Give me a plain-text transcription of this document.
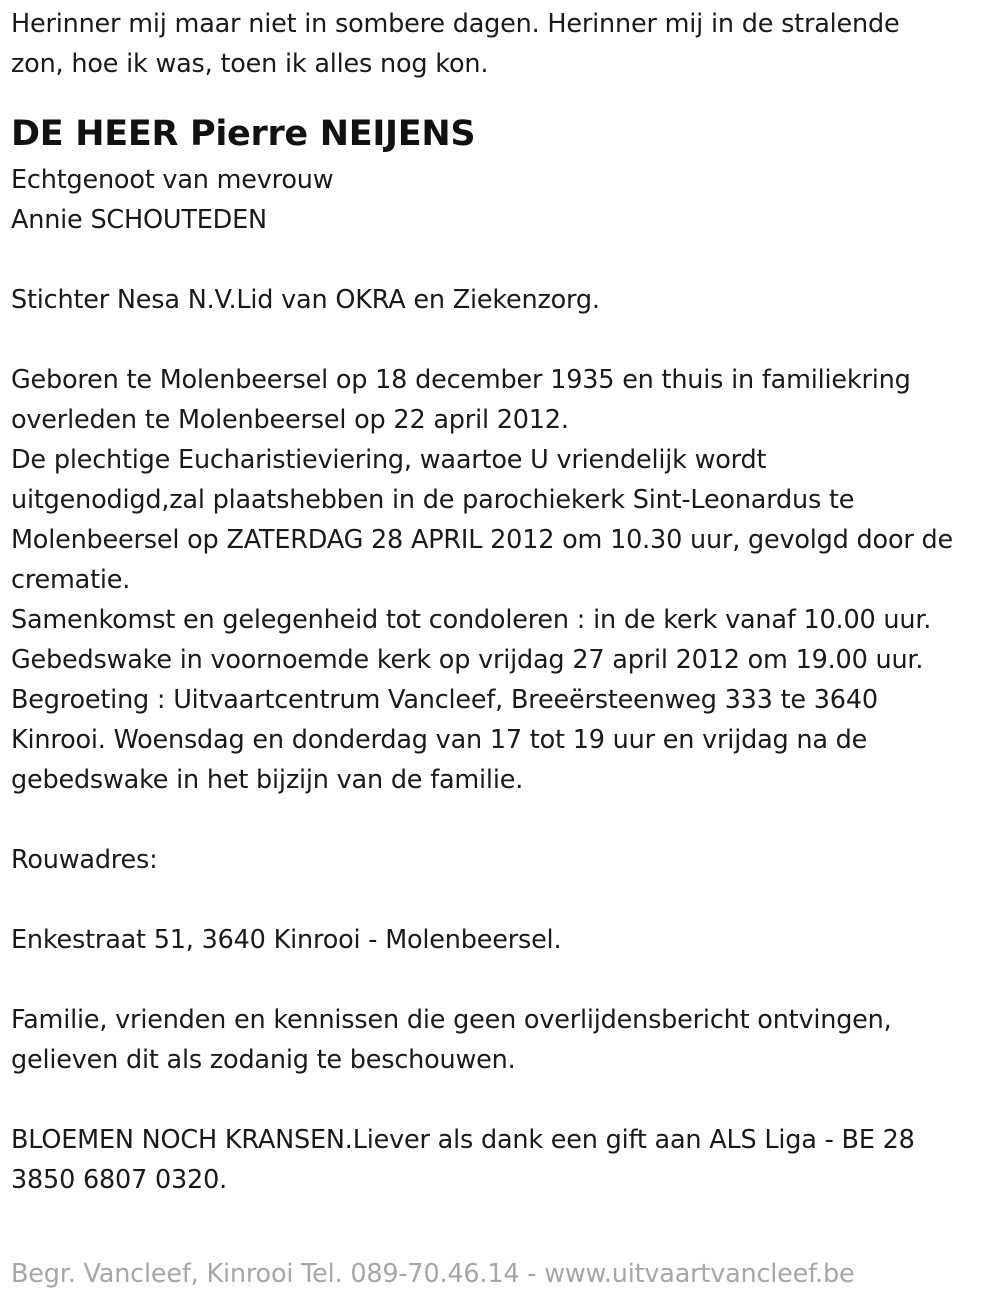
Herinner mij maar niet in sombere dagen. Herinner mij in de stralende
zon, hoe ik was, toen ik alles nog kon.
DE HEER Pierre NEIJENS
Echtgenoot van mevrouw
Annie SCHOUTEDEN
Stichter Nesa N.V.Lid van OKRA en Ziekenzorg.
Geboren te Molenbeersel op 18 december 1935 en thuis in familiekring
overleden te Molenbeersel op 22 april 2012.
De plechtige Eucharistieviering, waartoe U vriendelijk wordt
uitgenodigd,zal plaatshebben in de parochiekerk Sint-Leonardus te
Molenbeersel op ZATERDAG 28 APRIL 2012 om 10.30 uur, gevolgd door de
crematie.
Samenkomst en gelegenheid tot condoleren : in de kerk vanaf 10.00 uur.
Gebedswake in voornoemde kerk op vrijdag 27 april 2012 om 19.00 uur.
Begroeting : Uitvaartcentrum Vancleef, Breeërsteenweg 333 te 3640
Kinrooi. Woensdag en donderdag van 17 tot 19 uur en vrijdag na de
gebedswake in het bijzijn van de familie.
Rouwadres:
Enkestraat 51, 3640 Kinrooi - Molenbeersel.
Familie, vrienden en kennissen die geen overlijdensbericht ontvingen,
gelieven dit als zodanig te beschouwen.
BLOEMEN NOCH KRANSEN.Liever als dank een gift aan ALS Liga - BE 28
3850 6807 0320.
Begr. Vancleef, Kinrooi Tel. 089-70.46.14 - www.uitvaartvancleef.be
